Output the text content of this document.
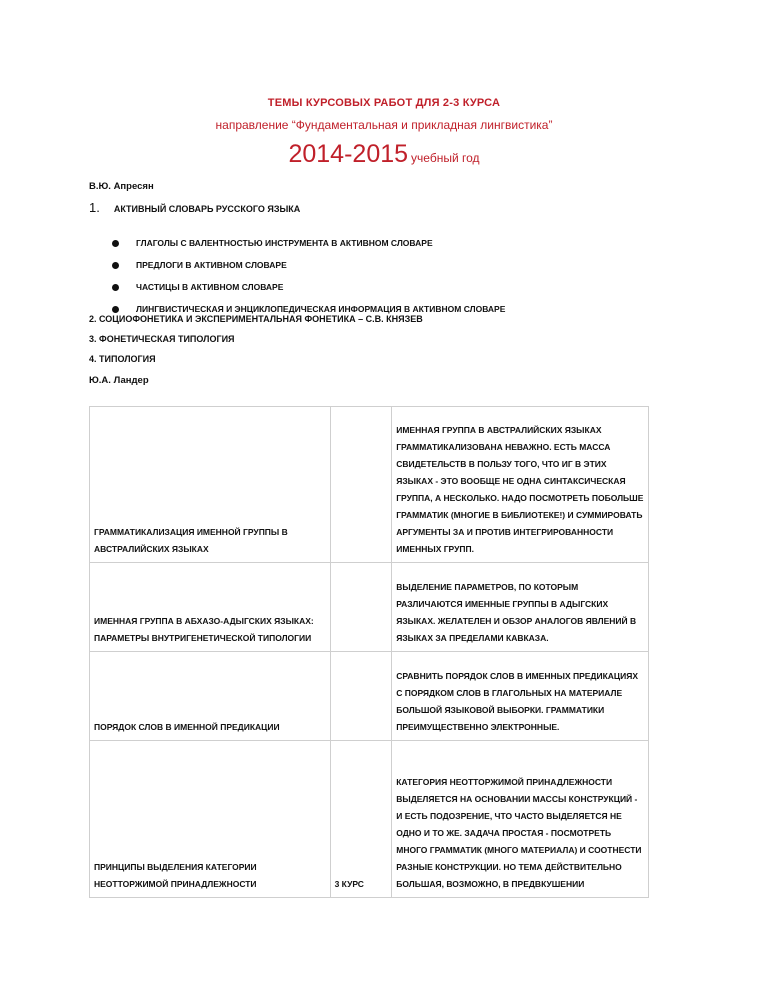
ТЕМЫ КУРСОВЫХ РАБОТ ДЛЯ 2-3 КУРСА
направление “Фундаментальная и прикладная лингвистика”
2014-2015 учебный год
В.Ю. Апресян
1. АКТИВНЫЙ СЛОВАРЬ РУССКОГО ЯЗЫКА
ГЛАГОЛЫ С ВАЛЕНТНОСТЬЮ ИНСТРУМЕНТА В АКТИВНОМ СЛОВАРЕ
ПРЕДЛОГИ В АКТИВНОМ СЛОВАРЕ
ЧАСТИЦЫ В АКТИВНОМ СЛОВАРЕ
ЛИНГВИСТИЧЕСКАЯ И ЭНЦИКЛОПЕДИЧЕСКАЯ ИНФОРМАЦИЯ В АКТИВНОМ СЛОВАРЕ
2. СОЦИОФОНЕТИКА И ЭКСПЕРИМЕНТАЛЬНАЯ ФОНЕТИКА – С.В. КНЯЗЕВ
3. ФОНЕТИЧЕСКАЯ ТИПОЛОГИЯ
4. ТИПОЛОГИЯ
Ю.А. Ландер
ГРАММАТИКАЛИЗАЦИЯ ИМЕННОЙ ГРУППЫ В АВСТРАЛИЙСКИХ ЯЗЫКАХ		ИМЕННАЯ ГРУППА В АВСТРАЛИЙСКИХ ЯЗЫКАХ ГРАММАТИКАЛИЗОВАНА НЕВАЖНО. ЕСТЬ МАССА СВИДЕТЕЛЬСТВ В ПОЛЬЗУ ТОГО, ЧТО ИГ В ЭТИХ ЯЗЫКАХ - ЭТО ВООБЩЕ НЕ ОДНА СИНТАКСИЧЕСКАЯ ГРУППА, А НЕСКОЛЬКО. НАДО ПОСМОТРЕТЬ ПОБОЛЬШЕ ГРАММАТИК (МНОГИЕ В БИБЛИОТЕКЕ!) И СУММИРОВАТЬ АРГУМЕНТЫ ЗА И ПРОТИВ ИНТЕГРИРОВАННОСТИ ИМЕННЫХ ГРУПП.
ИМЕННАЯ ГРУППА В АБХАЗО-АДЫГСКИХ ЯЗЫКАХ: ПАРАМЕТРЫ ВНУТРИГЕНЕТИЧЕСКОЙ ТИПОЛОГИИ		ВЫДЕЛЕНИЕ ПАРАМЕТРОВ, ПО КОТОРЫМ РАЗЛИЧАЮТСЯ ИМЕННЫЕ ГРУППЫ В АДЫГСКИХ ЯЗЫКАХ. ЖЕЛАТЕЛЕН И ОБЗОР АНАЛОГОВ ЯВЛЕНИЙ В ЯЗЫКАХ ЗА ПРЕДЕЛАМИ КАВКАЗА.
ПОРЯДОК СЛОВ В ИМЕННОЙ ПРЕДИКАЦИИ		СРАВНИТЬ ПОРЯДОК СЛОВ В ИМЕННЫХ ПРЕДИКАЦИЯХ С ПОРЯДКОМ СЛОВ В ГЛАГОЛЬНЫХ НА МАТЕРИАЛЕ БОЛЬШОЙ ЯЗЫКОВОЙ ВЫБОРКИ. ГРАММАТИКИ ПРЕИМУЩЕСТВЕННО ЭЛЕКТРОННЫЕ.
ПРИНЦИПЫ ВЫДЕЛЕНИЯ КАТЕГОРИИ НЕОТТОРЖИМОЙ ПРИНАДЛЕЖНОСТИ	3 КУРС	КАТЕГОРИЯ НЕОТТОРЖИМОЙ ПРИНАДЛЕЖНОСТИ ВЫДЕЛЯЕТСЯ НА ОСНОВАНИИ МАССЫ КОНСТРУКЦИЙ - И ЕСТЬ ПОДОЗРЕНИЕ, ЧТО ЧАСТО ВЫДЕЛЯЕТСЯ НЕ ОДНО И ТО ЖЕ. ЗАДАЧА ПРОСТАЯ - ПОСМОТРЕТЬ МНОГО ГРАММАТИК (МНОГО МАТЕРИАЛА) И СООТНЕСТИ РАЗНЫЕ КОНСТРУКЦИИ. НО ТЕМА ДЕЙСТВИТЕЛЬНО БОЛЬШАЯ, ВОЗМОЖНО, В ПРЕДВКУШЕНИИ
